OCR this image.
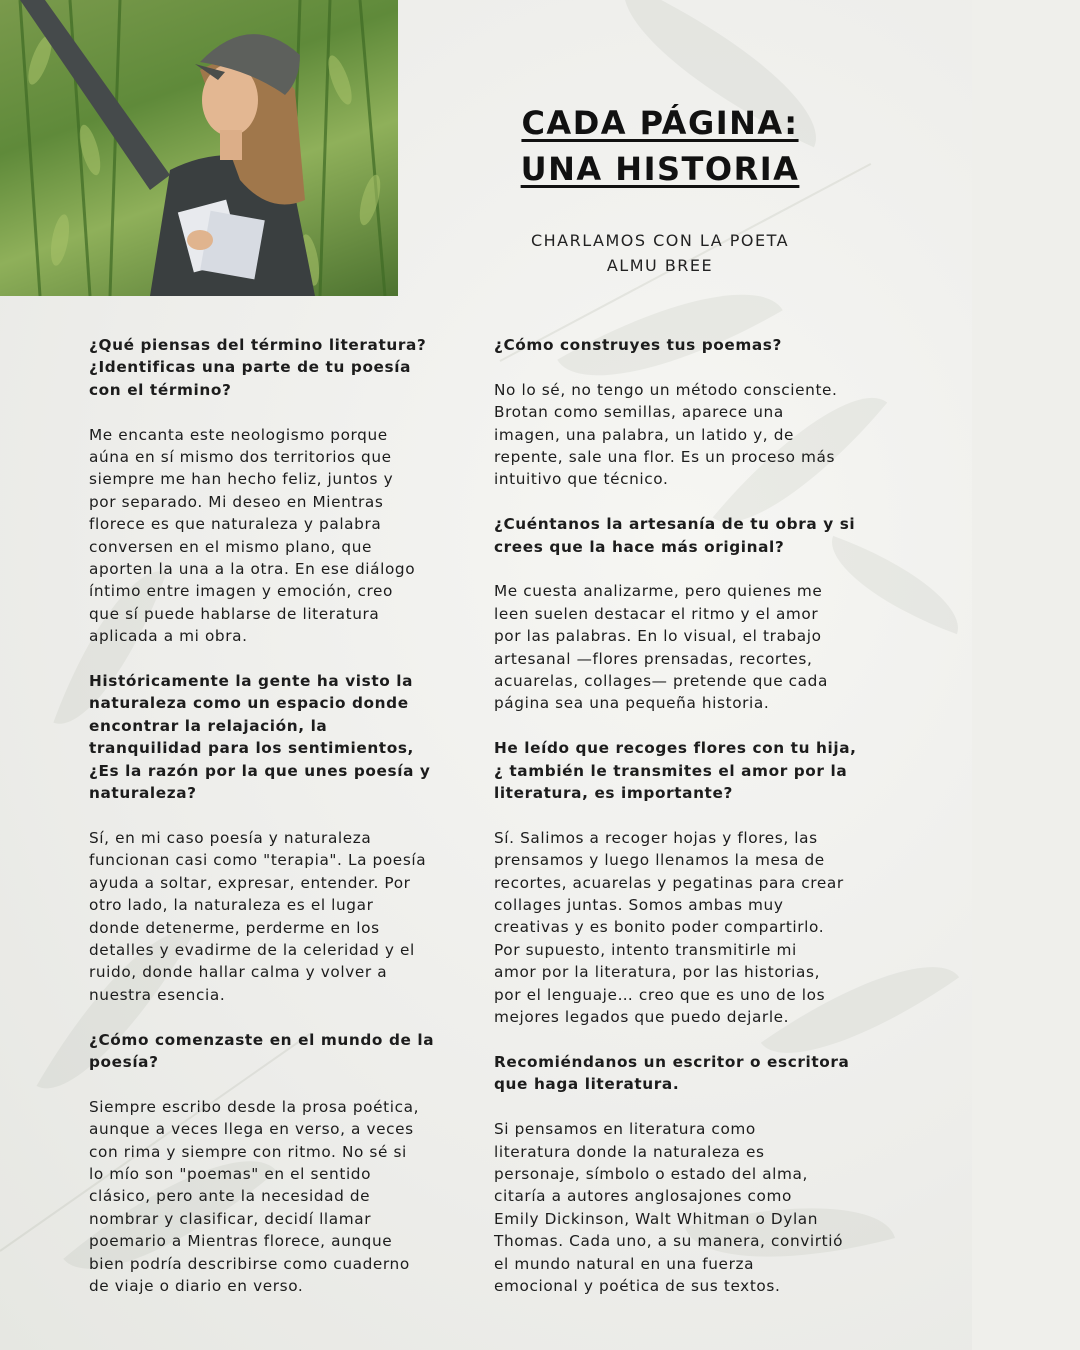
CADA PÁGINA:
UNA HISTORIA
CHARLAMOS CON LA POETA
ALMU BREE

¿Qué piensas del término literatura?
¿Identificas una parte de tu poesía
con el término?

Me encanta este neologismo porque
aúna en sí mismo dos territorios que
siempre me han hecho feliz, juntos y
por separado. Mi deseo en Mientras
florece es que naturaleza y palabra
conversen en el mismo plano, que
aporten la una a la otra. En ese diálogo
íntimo entre imagen y emoción, creo
que sí puede hablarse de literatura
aplicada a mi obra.

Históricamente la gente ha visto la
naturaleza como un espacio donde
encontrar la relajación, la
tranquilidad para los sentimientos,
¿Es la razón por la que unes poesía y
naturaleza?

Sí, en mi caso poesía y naturaleza
funcionan casi como "terapia". La poesía
ayuda a soltar, expresar, entender. Por
otro lado, la naturaleza es el lugar
donde detenerme, perderme en los
detalles y evadirme de la celeridad y el
ruido, donde hallar calma y volver a
nuestra esencia.

¿Cómo comenzaste en el mundo de la
poesía?

Siempre escribo desde la prosa poética,
aunque a veces llega en verso, a veces
con rima y siempre con ritmo. No sé si
lo mío son "poemas" en el sentido
clásico, pero ante la necesidad de
nombrar y clasificar, decidí llamar
poemario a Mientras florece, aunque
bien podría describirse como cuaderno
de viaje o diario en verso.

¿Cómo construyes tus poemas?

No lo sé, no tengo un método consciente.
Brotan como semillas, aparece una
imagen, una palabra, un latido y, de
repente, sale una flor. Es un proceso más
intuitivo que técnico.

¿Cuéntanos la artesanía de tu obra y si
crees que la hace más original?

Me cuesta analizarme, pero quienes me
leen suelen destacar el ritmo y el amor
por las palabras. En lo visual, el trabajo
artesanal —flores prensadas, recortes,
acuarelas, collages— pretende que cada
página sea una pequeña historia.

He leído que recoges flores con tu hija,
¿ también le transmites el amor por la
literatura, es importante?

Sí. Salimos a recoger hojas y flores, las
prensamos y luego llenamos la mesa de
recortes, acuarelas y pegatinas para crear
collages juntas. Somos ambas muy
creativas y es bonito poder compartirlo.
Por supuesto, intento transmitirle mi
amor por la literatura, por las historias,
por el lenguaje… creo que es uno de los
mejores legados que puedo dejarle.

Recomiéndanos un escritor o escritora
que haga literatura.

Si pensamos en literatura como
literatura donde la naturaleza es
personaje, símbolo o estado del alma,
citaría a autores anglosajones como
Emily Dickinson, Walt Whitman o Dylan
Thomas. Cada uno, a su manera, convirtió
el mundo natural en una fuerza
emocional y poética de sus textos.
